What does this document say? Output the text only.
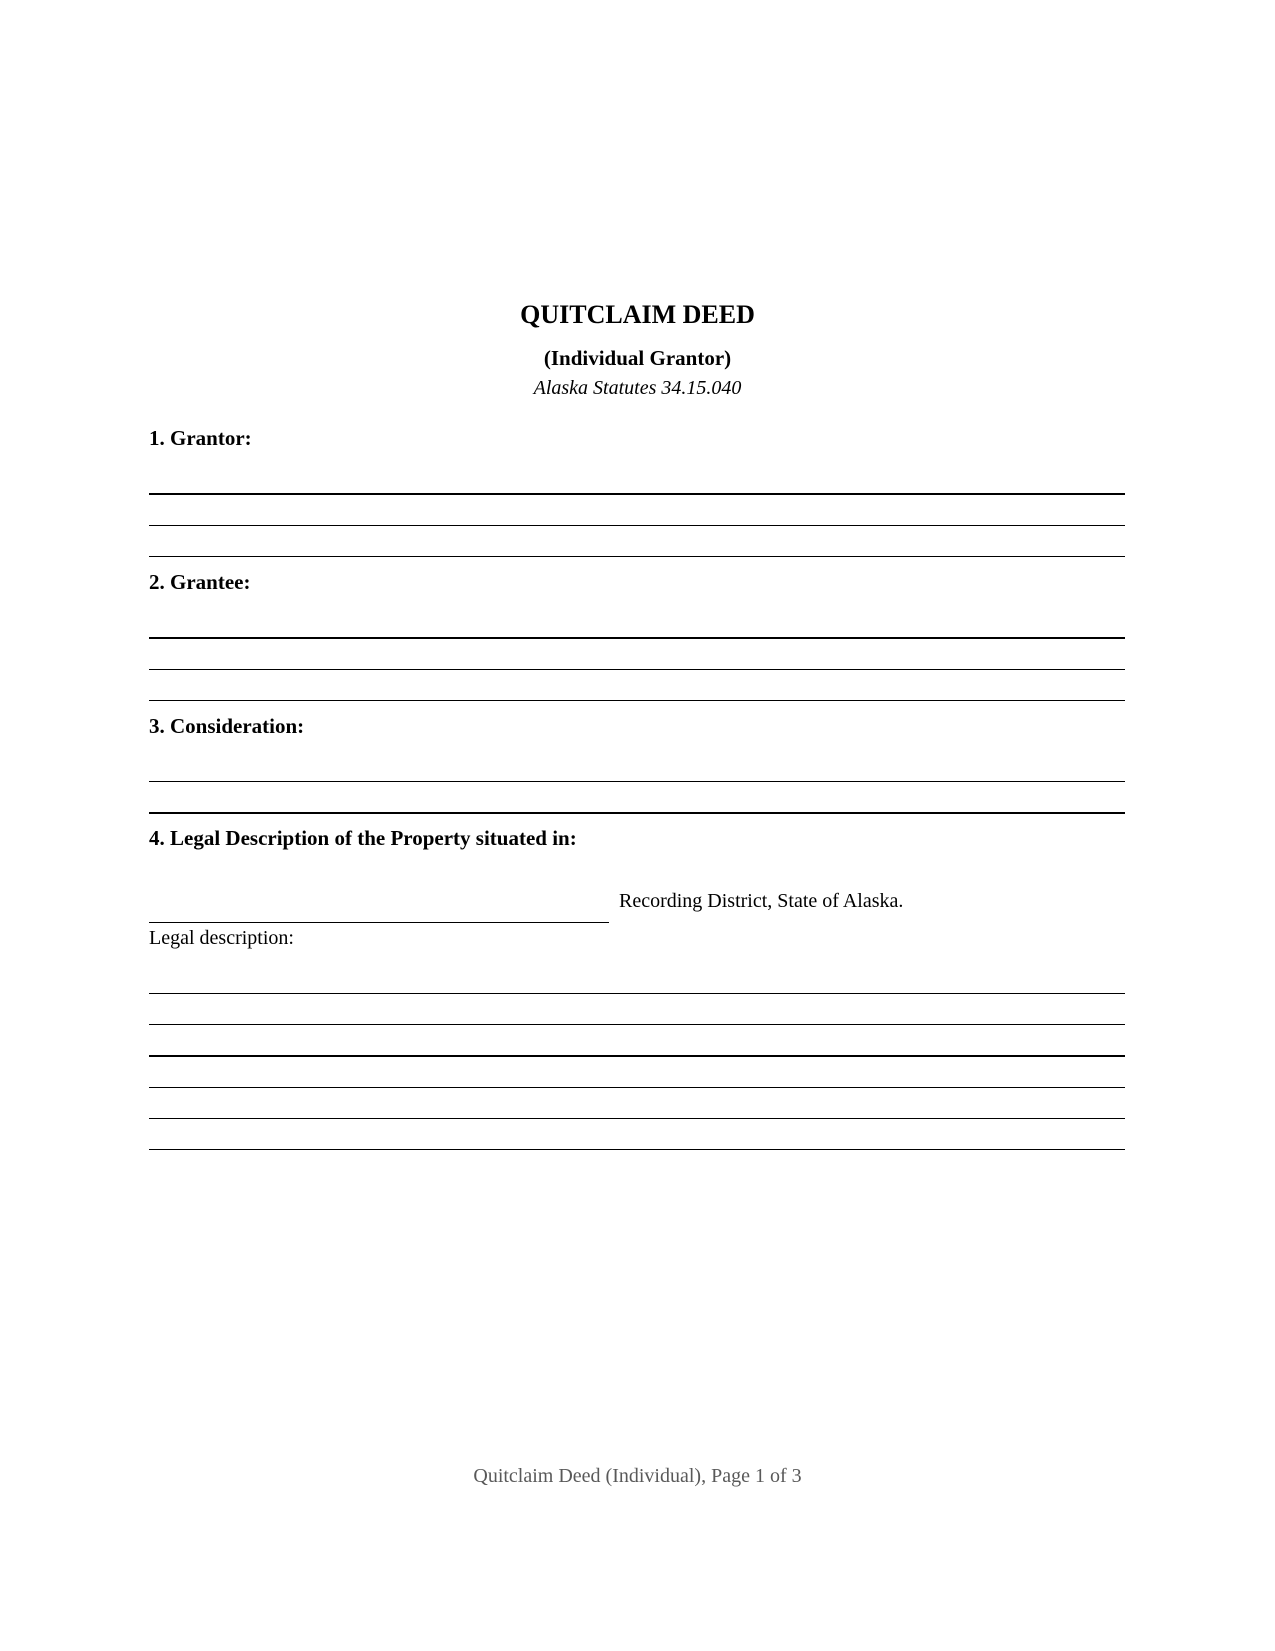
QUITCLAIM DEED
(Individual Grantor)
Alaska Statutes 34.15.040
1. Grantor:
2. Grantee:
3. Consideration:
4. Legal Description of the Property situated in:
Recording District, State of Alaska.
Legal description:
Quitclaim Deed (Individual), Page 1 of 3
